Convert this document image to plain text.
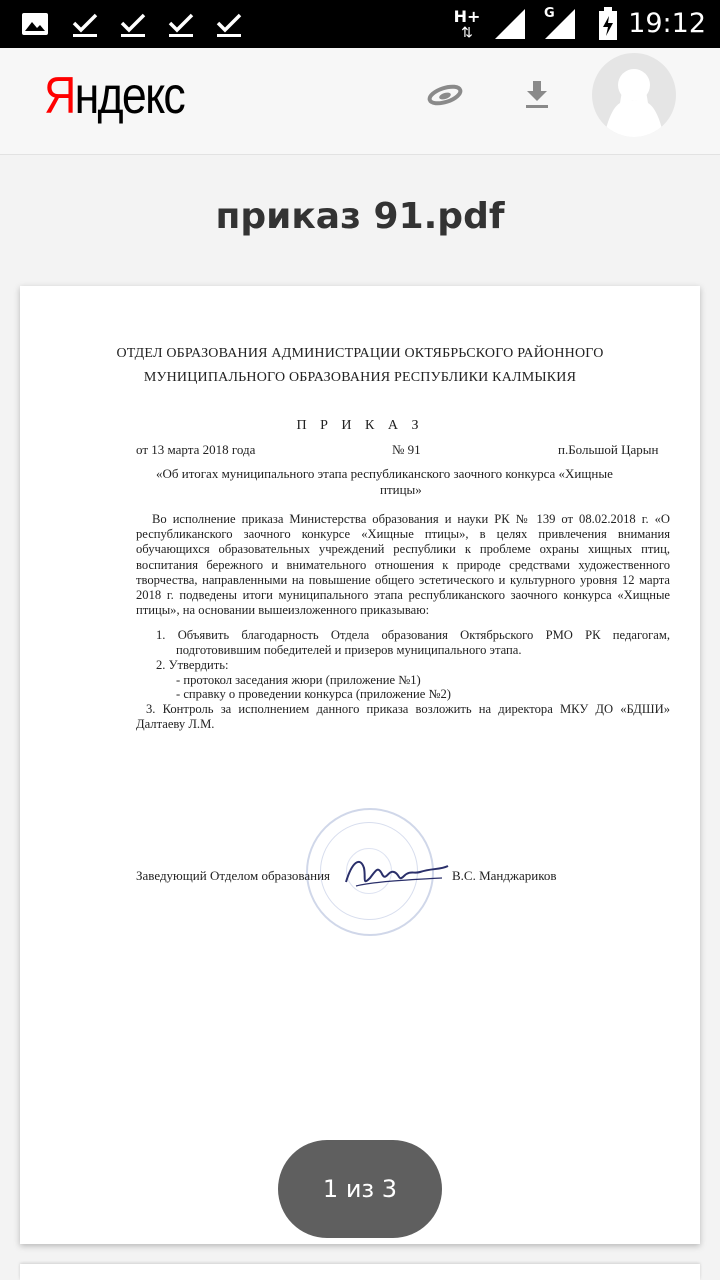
H+
⇅
G	19:12
Яндекс
приказ 91.pdf
ОТДЕЛ ОБРАЗОВАНИЯ АДМИНИСТРАЦИИ ОКТЯБРЬСКОГО РАЙОННОГО
МУНИЦИПАЛЬНОГО ОБРАЗОВАНИЯ РЕСПУБЛИКИ КАЛМЫКИЯ
П Р И К А З
от 13 марта 2018 года	№ 91	п.Большой Царын
«Об итогах муниципального этапа республиканского заочного конкурса «Хищные
птицы»
Во исполнение приказа Министерства образования и науки РК № 139 от 08.02.2018 г. «О
республиканского заочного конкурсе «Хищные птицы», в целях привлечения внимания
обучающихся образовательных учреждений республики к проблеме охраны хищных птиц,
воспитания бережного и внимательного отношения к природе средствами художественного
творчества, направленными на повышение общего эстетического и культурного уровня 12 марта
2018 г. подведены итоги муниципального этапа республиканского заочного конкурса «Хищные
птицы», на основании вышеизложенного приказываю:
1. Объявить благодарность Отдела образования Октябрьского РМО РК педагогам,
подготовившим победителей и призеров муниципального этапа.
2. Утвердить:
- протокол заседания жюри (приложение №1)
- справку о проведении конкурса (приложение №2)
3. Контроль за исполнением данного приказа возложить на директора МКУ ДО «БДШИ»
Далтаеву Л.М.
Заведующий Отделом образования	В.С. Манджариков
1 из 3
